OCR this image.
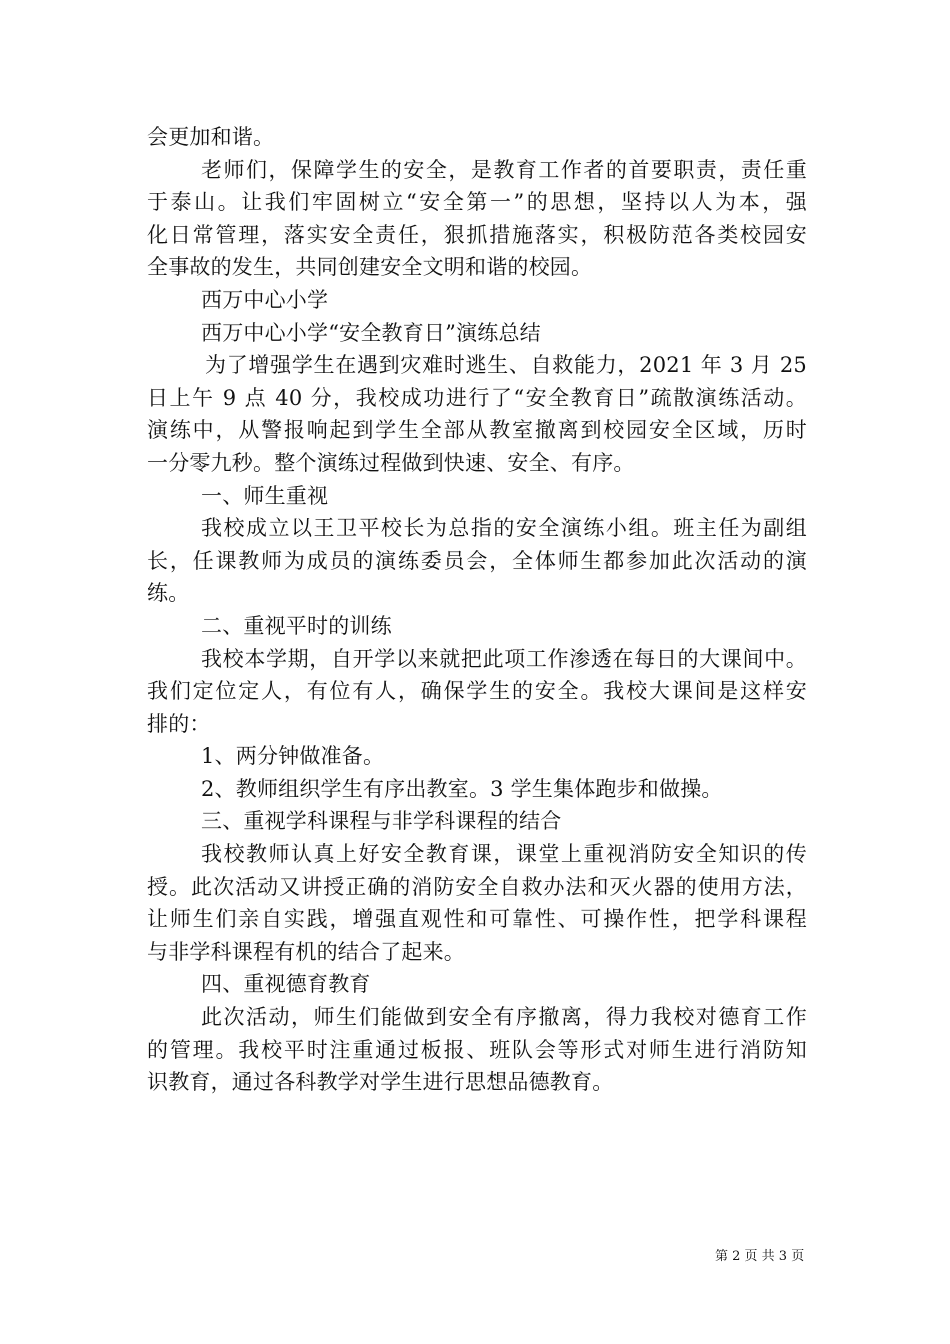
会更加和谐。
老师们，保障学生的安全，是教育工作者的首要职责，责任重
于泰山。让我们牢固树立“安全第一”的思想，坚持以人为本，强
化日常管理，落实安全责任，狠抓措施落实，积极防范各类校园安
全事故的发生，共同创建安全文明和谐的校园。
西万中心小学
西万中心小学“安全教育日”演练总结
为了增强学生在遇到灾难时逃生、自救能力，2021 年 3 月 25
日上午 9 点 40 分，我校成功进行了“安全教育日”疏散演练活动。
演练中，从警报响起到学生全部从教室撤离到校园安全区域，历时
一分零九秒。整个演练过程做到快速、安全、有序。
一、师生重视
我校成立以王卫平校长为总指的安全演练小组。班主任为副组
长，任课教师为成员的演练委员会，全体师生都参加此次活动的演
练。
二、重视平时的训练
我校本学期，自开学以来就把此项工作渗透在每日的大课间中。
我们定位定人，有位有人，确保学生的安全。我校大课间是这样安
排的：
1、两分钟做准备。
2、教师组织学生有序出教室。3 学生集体跑步和做操。
三、重视学科课程与非学科课程的结合
我校教师认真上好安全教育课，课堂上重视消防安全知识的传
授。此次活动又讲授正确的消防安全自救办法和灭火器的使用方法，
让师生们亲自实践，增强直观性和可靠性、可操作性，把学科课程
与非学科课程有机的结合了起来。
四、重视德育教育
此次活动，师生们能做到安全有序撤离，得力我校对德育工作
的管理。我校平时注重通过板报、班队会等形式对师生进行消防知
识教育，通过各科教学对学生进行思想品德教育。
第 2 页 共 3 页
